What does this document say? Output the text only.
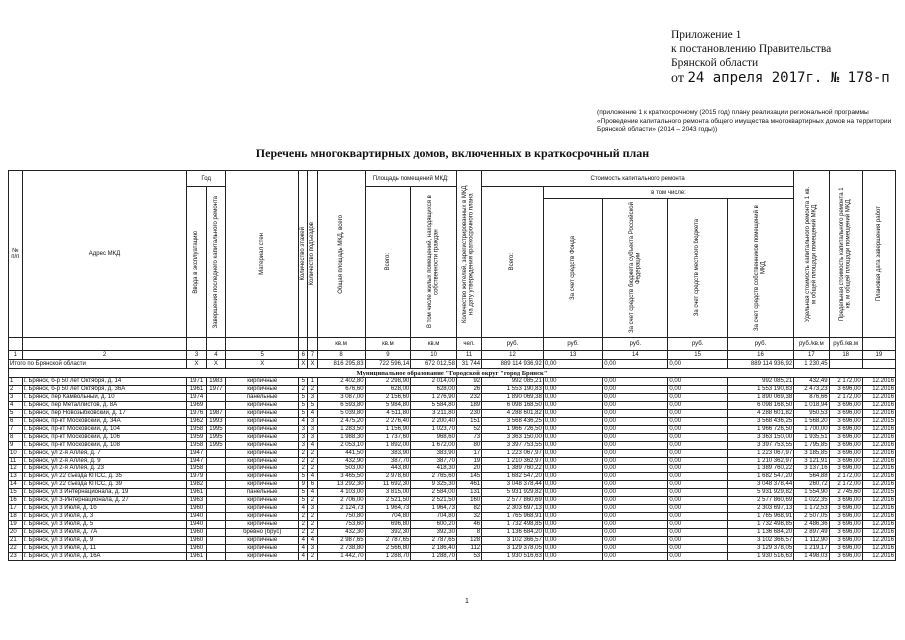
Приложение 1
к постановлению Правительства
Брянской области
от 24 апреля 2017г. № 178-п
(приложение 1 к краткосрочному (2015 год) плану реализации региональной программы «Проведение капитального ремонта общего имущества многоквартирных домов на территории Брянской области» (2014 – 2043 годы))
Перечень многоквартирных домов, включенных в краткосрочный план
№ п/п	Адрес МКД	Год		Материал стен	Количество этажей	Количество подъездов	Общая площадь МКД, всего	Площадь помещений МКД:		Количество жителей, зарегистрированных в МКД на дату утверждения краткосрочного плана	Стоимость капитального ремонта					Удельная стоимость капитального ремонта 1 кв. м общей площади помещений МКД	Предельная стоимость капитального ремонта 1 кв. м общей площади помещений МКД	Плановая дата завершения работ

		Ввода в эксплуатацию	Завершения последнего капитального ремонта					Всего:	В том числе жилых помещений, находящихся в собственности граждан		Всего:	в том числе:						

												За счет средств Фонда	За счет средств бюджета субъекта Российской Федерации	За счет средств местного бюджета	За счет средств собственников помещений в МКД			

							кв.м	кв.м	кв.м	чел.	руб.	руб.	руб.	руб.	руб.	руб./кв.м	руб./кв.м	
1	2	3	4	5	6	7	8	9	10	11	12	13	14	15	16	17	18	19
Итого по Брянской области		X	X	X	X	X	816 295,83	722 596,14	672 012,58	31 744	889 114 936,92	0,00	0,00	0,00	889 114 936,92	1 230,45		
Муниципальное образование "Городской округ "город Брянск"																		
1	г. Брянск, б-р 50 лет Октября, д. 14	1971	1983	кирпичные	5	1	2 402,80	2 298,90	2 014,00	92	992 085,21	0,00	0,00	0,00	992 085,21	432,49	2 172,00	12.2016
2	г. Брянск, б-р 50 лет Октября, д. 36А	1961	1977	кирпичные	2	2	676,60	628,00	628,00	26	1 553 190,83	0,00	0,00	0,00	1 553 190,83	2 473,23	3 696,00	12.2016
3	г. Брянск, пер Камвольный, д. 10	1974		панельные	5	3	3 087,00	2 156,60	1 276,90	232	1 890 069,38	0,00	0,00	0,00	1 890 069,38	876,66	2 172,00	12.2016
4	г. Брянск, пер Металлистов, д. 8А	1969		кирпичные	5	5	6 593,80	5 984,80	5 584,80	189	6 098 168,50	0,00	0,00	0,00	6 098 168,50	1 018,94	3 696,00	12.2016
5	г. Брянск, пер Новозыбковский, д. 17	1976	1987	кирпичные	5	4	5 039,80	4 511,80	3 211,80	230	4 288 601,82	0,00	0,00	0,00	4 288 601,82	950,53	3 696,00	12.2016
6	г. Брянск, пр-кт Московский, д. 34А	1962	1993	кирпичные	4	3	2 475,20	2 276,40	2 200,40	151	3 568 436,25	0,00	0,00	0,00	3 568 436,25	1 568,20	3 696,00	12.2015
7	г. Брянск, пр-кт Московский, д. 104	1958	1995	кирпичные	3	3	1 283,50	1 156,90	1 023,70	52	1 966 726,50	0,00	0,00	0,00	1 966 726,50	1 700,00	3 696,00	12.2016
8	г. Брянск, пр-кт Московский, д. 106	1959	1995	кирпичные	3	3	1 988,30	1 737,60	968,60	73	3 363 150,00	0,00	0,00	0,00	3 363 150,00	1 935,51	3 696,00	12.2016
9	г. Брянск, пр-кт Московский, д. 108	1958	1995	кирпичные	3	4	2 053,10	1 892,00	1 672,00	80	3 397 753,55	0,00	0,00	0,00	3 397 753,55	1 795,85	3 696,00	12.2016
10	г. Брянск, ул 2-я Аллея, д. 7	1947		кирпичные	2	2	441,50	383,90	383,90	17	1 223 067,97	0,00	0,00	0,00	1 223 067,97	3 185,85	3 696,00	12.2016
11	г. Брянск, ул 2-я Аллея, д. 9	1947		кирпичные	2	2	432,90	387,70	387,70	19	1 210 362,97	0,00	0,00	0,00	1 210 362,97	3 121,91	3 696,00	12.2016
12	г. Брянск, ул 2-я Аллея, д. 23	1958		кирпичные	2	2	503,00	443,80	418,30	20	1 389 760,22	0,00	0,00	0,00	1 389 760,22	3 137,16	3 696,00	12.2016
13	г. Брянск, ул 22 съезда КПСС, д. 35	1979		кирпичные	5	4	3 465,50	2 978,60	2 765,60	145	1 682 547,20	0,00	0,00	0,00	1 682 547,20	564,88	2 172,00	12.2016
14	г. Брянск, ул 22 съезда КПСС, д. 39	1982		кирпичные	9	6	13 292,30	11 692,30	9 325,30	461	3 048 378,44	0,00	0,00	0,00	3 048 378,44	260,72	2 172,00	12.2016
15	г. Брянск, ул 3 Интернационала, д. 19	1961		панельные	5	4	4 103,00	3 815,00	2 584,00	131	5 931 929,82	0,00	0,00	0,00	5 931 929,82	1 554,90	2 745,60	12.2015
16	г. Брянск, ул 3-Интернационала, д. 27	1963		кирпичные	5	2	2 706,00	2 521,50	2 521,50	160	2 577 860,69	0,00	0,00	0,00	2 577 860,69	1 022,35	3 696,00	12.2016
17	г. Брянск, ул 3 Июля, д. 1б	1960		кирпичные	4	3	2 124,73	1 964,73	1 964,73	82	2 303 697,13	0,00	0,00	0,00	2 303 697,13	1 172,53	3 696,00	12.2016
18	г. Брянск, ул 3 Июля, д. 3	1940		кирпичные	2	2	750,80	704,80	704,80	32	1 765 968,91	0,00	0,00	0,00	1 765 968,91	2 507,05	3 696,00	12.2016
19	г. Брянск, ул 3 Июля, д. 5	1940		кирпичные	2	2	753,60	696,80	600,20	46	1 732 498,85	0,00	0,00	0,00	1 732 498,85	2 486,36	3 696,00	12.2016
20	г. Брянск, ул 3 Июля, д. 7А	1960		бревно (брус)	2	2	432,30	392,30	392,30	8	1 136 684,20	0,00	0,00	0,00	1 136 684,20	2 897,49	3 696,00	12.2016
21	г. Брянск, ул 3 Июля, д. 9	1960		кирпичные	4	4	2 987,65	2 787,65	2 787,65	128	3 102 366,57	0,00	0,00	0,00	3 102 366,57	1 112,90	3 696,00	12.2016
22	г. Брянск, ул 3 Июля, д. 11	1960		кирпичные	4	3	2 738,80	2 566,80	2 186,40	112	3 129 378,05	0,00	0,00	0,00	3 129 378,05	1 219,17	3 696,00	12.2016
23	г. Брянск, ул 3 Июля, д. 16А	1961		кирпичные	4	2	1 442,70	1 288,70	1 288,70	53	1 930 516,63	0,00	0,00	0,00	1 930 516,63	1 498,03	3 696,00	12.2016
1
